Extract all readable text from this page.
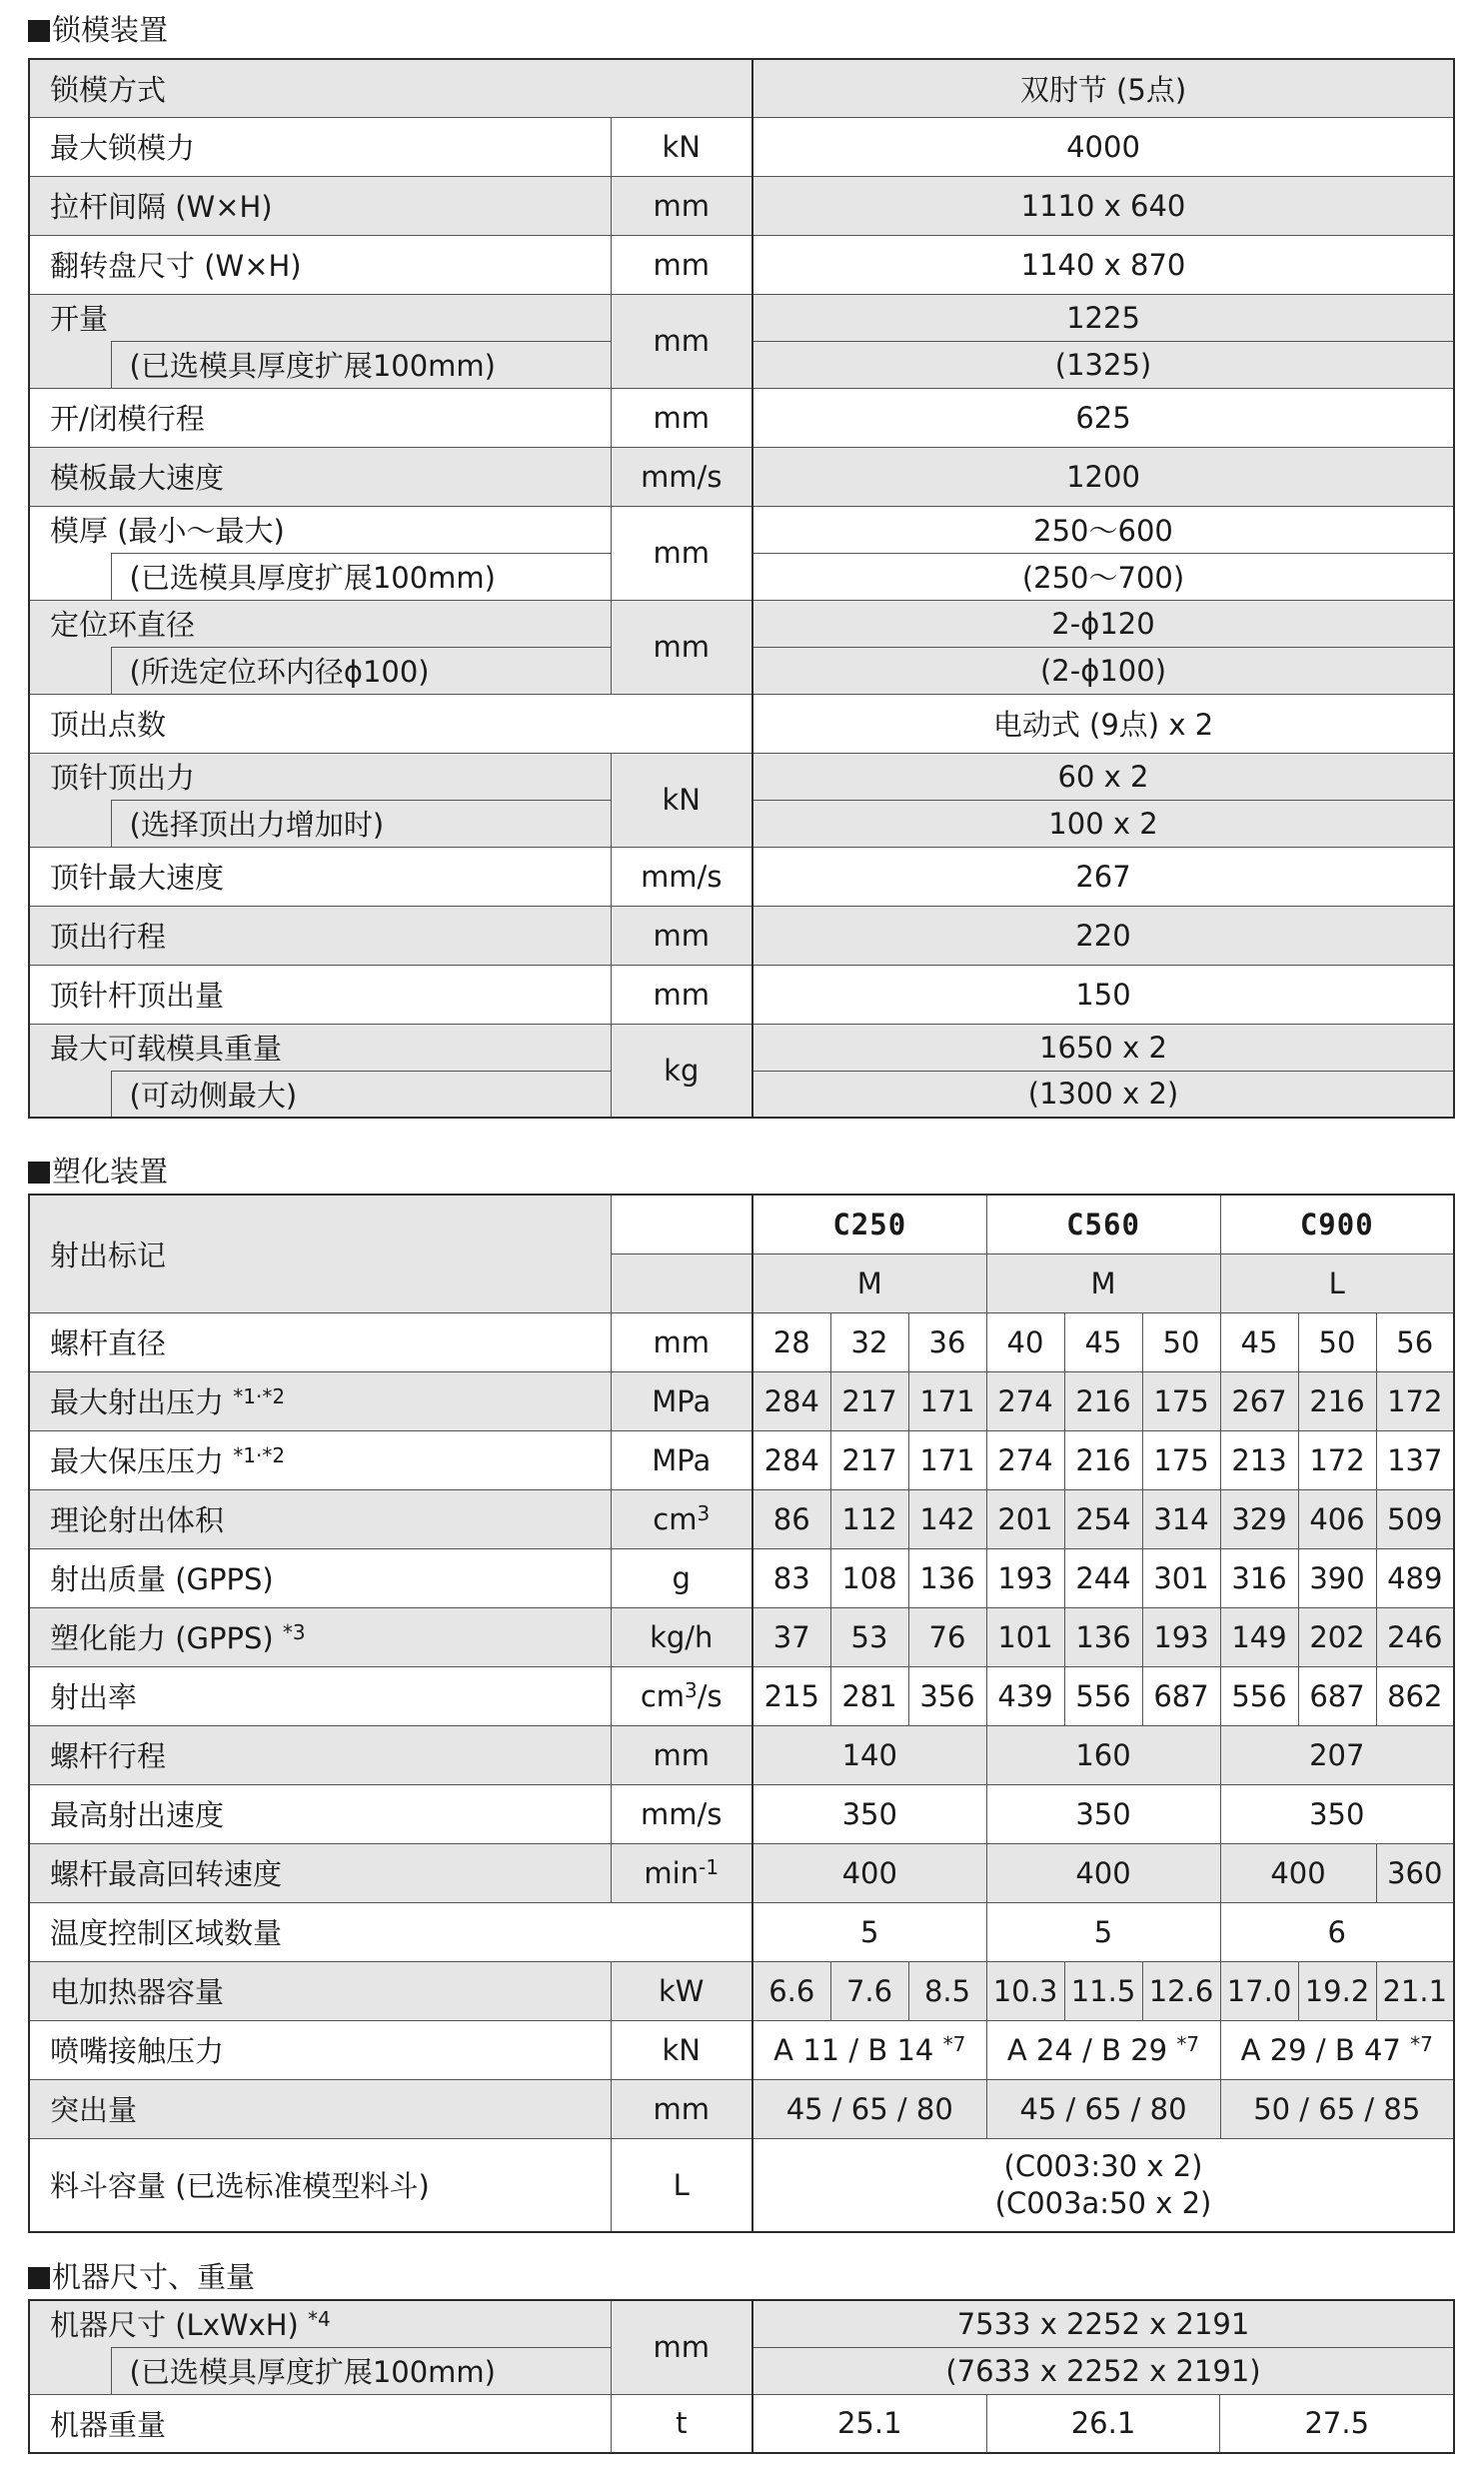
锁模装置
锁模方式			双肘节 (5点)
最大锁模力		kN	4000
拉杆间隔 (W×H)		mm	1110 x 640
翻转盘尺寸 (W×H)		mm	1140 x 870
开量		mm	1225
	(已选模具厚度扩展100mm)		(1325)
开/闭模行程		mm	625
模板最大速度		mm/s	1200
模厚 (最小～最大)		mm	250～600
	(已选模具厚度扩展100mm)		(250～700)
定位环直径		mm	2-ϕ120
	(所选定位环内径ϕ100)		(2-ϕ100)
顶出点数			电动式 (9点) x 2
顶针顶出力		kN	60 x 2
	(选择顶出力增加时)		100 x 2
顶针最大速度		mm/s	267
顶出行程		mm	220
顶针杆顶出量		mm	150
最大可载模具重量		kg	1650 x 2
	(可动侧最大)		(1300 x 2)
塑化装置
射出标记		C250			C560			C900		
		M			M			L		
螺杆直径	mm	28	32	36	40	45	50	45	50	56
最大射出压力 $^{*1\cdot*2}$	MPa	284	217	171	274	216	175	267	216	172
最大保压压力 $^{*1\cdot*2}$	MPa	284	217	171	274	216	175	213	172	137
理论射出体积	$cm^3$	86	112	142	201	254	314	329	406	509
射出质量 (GPPS)	g	83	108	136	193	244	301	316	390	489
塑化能力 (GPPS) $^{*3}$	kg/h	37	53	76	101	136	193	149	202	246
射出率	$cm^3/s$	215	281	356	439	556	687	556	687	862
螺杆行程	mm	140			160			207		
最高射出速度	mm/s	350			350			350		
螺杆最高回转速度	$\min^{-1}$	400			400			400		360
温度控制区域数量		5			5			6		
电加热器容量	kW	6.6	7.6	8.5	10.3	11.5	12.6	17.0	19.2	21.1
喷嘴接触压力	kN	A 11 / B 14 $^{*7}$			A 24 / B 29 $^{*7}$			A 29 / B 47 $^{*7}$
突出量	mm	45 / 65 / 80			45 / 65 / 80			50 / 65 / 85		
料斗容量 (已选标准模型料斗)	L	(C003:30 x 2)
(C003a:50 x 2)								
机器尺寸、重量
机器尺寸 (LxWxH) $^{*4}$		mm	7533 x 2252 x 2191		
	(已选模具厚度扩展100mm)		(7633 x 2252 x 2191)		
机器重量		t	25.1	26.1	27.5
